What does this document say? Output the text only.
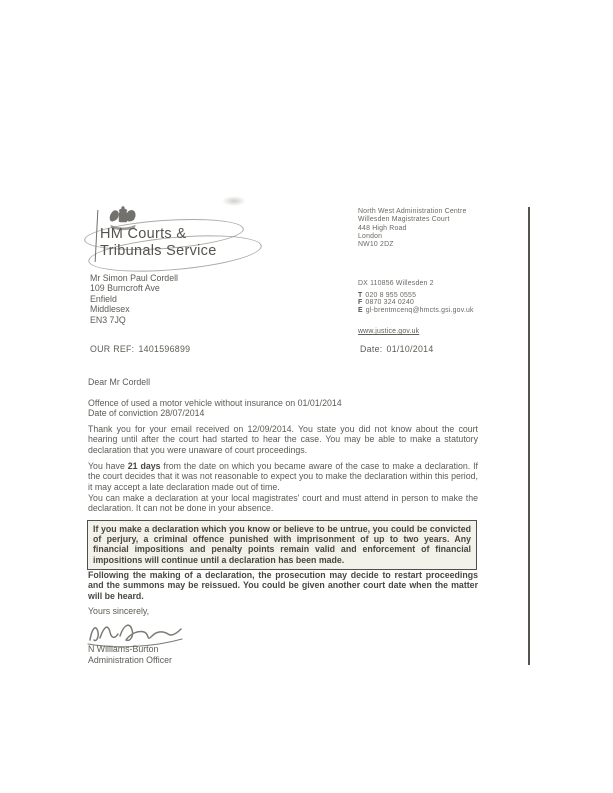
HM Courts &
Tribunals Service
North West Administration Centre
Willesden Magistrates Court
448 High Road
London
NW10 2DZ
DX 110856 Willesden 2
T 020 8 955 0555
F 0870 324 0240
E gl-brentmcenq@hmcts.gsi.gov.uk
www.justice.gov.uk
Mr Simon Paul Cordell
109 Burncroft Ave
Enfield
Middlesex
EN3 7JQ
OUR REF: 1401596899	Date: 01/10/2014
Dear Mr Cordell
Offence of used a motor vehicle without insurance on 01/01/2014
Date of conviction 28/07/2014
Thank you for your email received on 12/09/2014. You state you did not know about the court hearing until after the court had started to hear the case. You may be able to make a statutory declaration that you were unaware of court proceedings.
You have 21 days from the date on which you became aware of the case to make a declaration. If the court decides that it was not reasonable to expect you to make the declaration within this period, it may accept a late declaration made out of time.
You can make a declaration at your local magistrates' court and must attend in person to make the declaration. It can not be done in your absence.
If you make a declaration which you know or believe to be untrue, you could be convicted of perjury, a criminal offence punished with imprisonment of up to two years. Any financial impositions and penalty points remain valid and enforcement of financial impositions will continue until a declaration has been made.
Following the making of a declaration, the prosecution may decide to restart proceedings and the summons may be reissued. You could be given another court date when the matter will be heard.
Yours sincerely,
N Williams-Burton
Administration Officer
